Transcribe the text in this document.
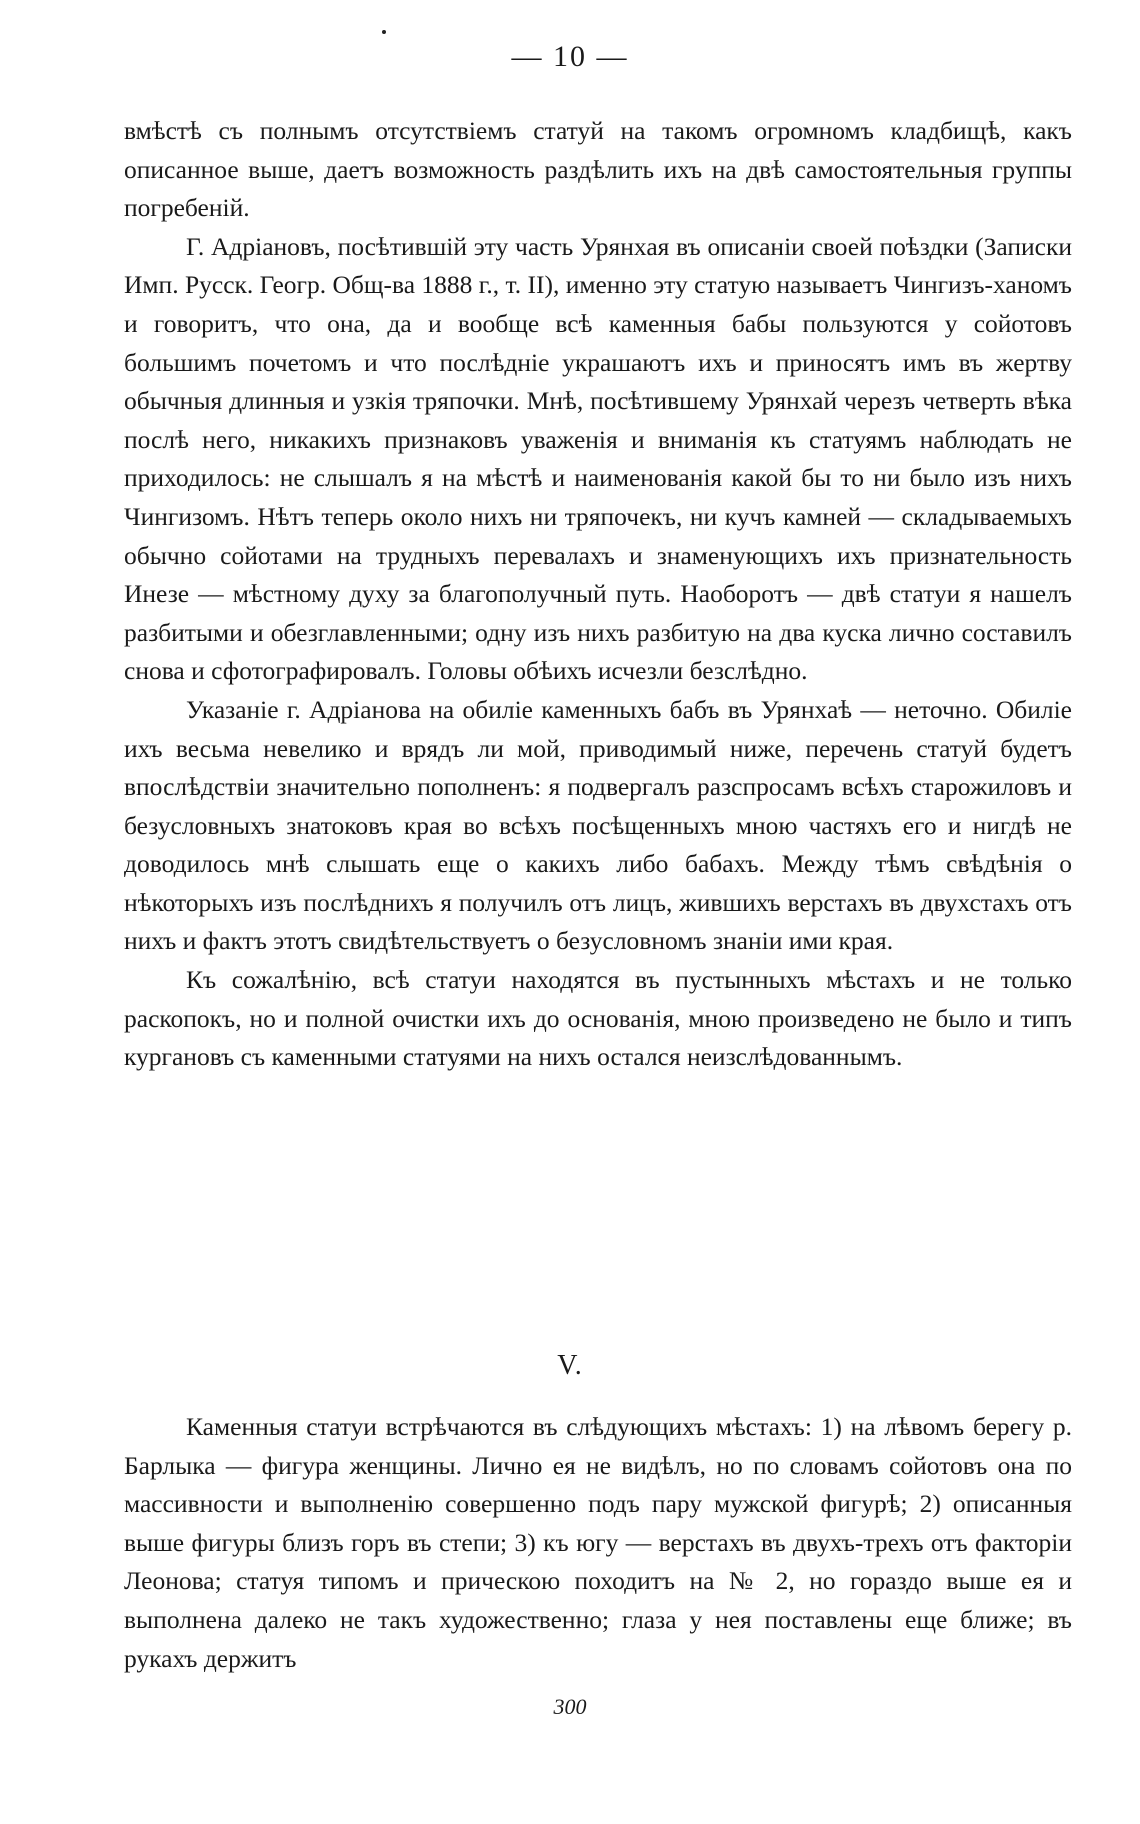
— 10 —

вмѣстѣ съ полнымъ отсутствіемъ статуй на такомъ огромномъ кладбищѣ, какъ описанное выше, даетъ возможность раздѣлить ихъ на двѣ самостоятельныя группы погребеній.

Г. Адріановъ, посѣтившій эту часть Урянхая въ описаніи своей поѣздки (Записки Имп. Русск. Геогр. Общ-ва 1888 г., т. II), именно эту статую называетъ Чингизъ-ханомъ и говоритъ, что она, да и вообще всѣ каменныя бабы пользуются у сойотовъ большимъ почетомъ и что послѣдніе украшаютъ ихъ и приносятъ имъ въ жертву обычныя длинныя и узкія тряпочки. Мнѣ, посѣтившему Урянхай черезъ четверть вѣка послѣ него, никакихъ признаковъ уваженія и вниманія къ статуямъ наблюдать не приходилось: не слышалъ я на мѣстѣ и наименованія какой бы то ни было изъ нихъ Чингизомъ. Нѣтъ теперь около нихъ ни тряпочекъ, ни кучъ камней — складываемыхъ обычно сойотами на трудныхъ перевалахъ и знаменующихъ ихъ признательность Инезе — мѣстному духу за благополучный путь. Наоборотъ — двѣ статуи я нашелъ разбитыми и обезглавленными; одну изъ нихъ разбитую на два куска лично составилъ снова и сфотографировалъ. Головы обѣихъ исчезли безслѣдно.

Указаніе г. Адріанова на обиліе каменныхъ бабъ въ Урянхаѣ — неточно. Обиліе ихъ весьма невелико и врядъ ли мой, приводимый ниже, перечень статуй будетъ впослѣдствіи значительно пополненъ: я подвергалъ разспросамъ всѣхъ старожиловъ и безусловныхъ знатоковъ края во всѣхъ посѣщенныхъ мною частяхъ его и нигдѣ не доводилось мнѣ слышать еще о какихъ либо бабахъ. Между тѣмъ свѣдѣнія о нѣкоторыхъ изъ послѣднихъ я получилъ отъ лицъ, жившихъ верстахъ въ двухстахъ отъ нихъ и фактъ этотъ свидѣтельствуетъ о безусловномъ знаніи ими края.

Къ сожалѣнію, всѣ статуи находятся въ пустынныхъ мѣстахъ и не только раскопокъ, но и полной очистки ихъ до основанія, мною произведено не было и типъ кургановъ съ каменными статуями на нихъ остался неизслѣдованнымъ.

V.

Каменныя статуи встрѣчаются въ слѣдующихъ мѣстахъ: 1) на лѣвомъ берегу р. Барлыка — фигура женщины. Лично ея не видѣлъ, но по словамъ сойотовъ она по массивности и выполненію совершенно подъ пару мужской фигурѣ; 2) описанныя выше фигуры близъ горъ въ степи; 3) къ югу — верстахъ въ двухъ-трехъ отъ факторіи Леонова; статуя типомъ и прическою походитъ на № 2, но гораздо выше ея и выполнена далеко не такъ художественно; глаза у нея поставлены еще ближе; въ рукахъ держитъ

300
